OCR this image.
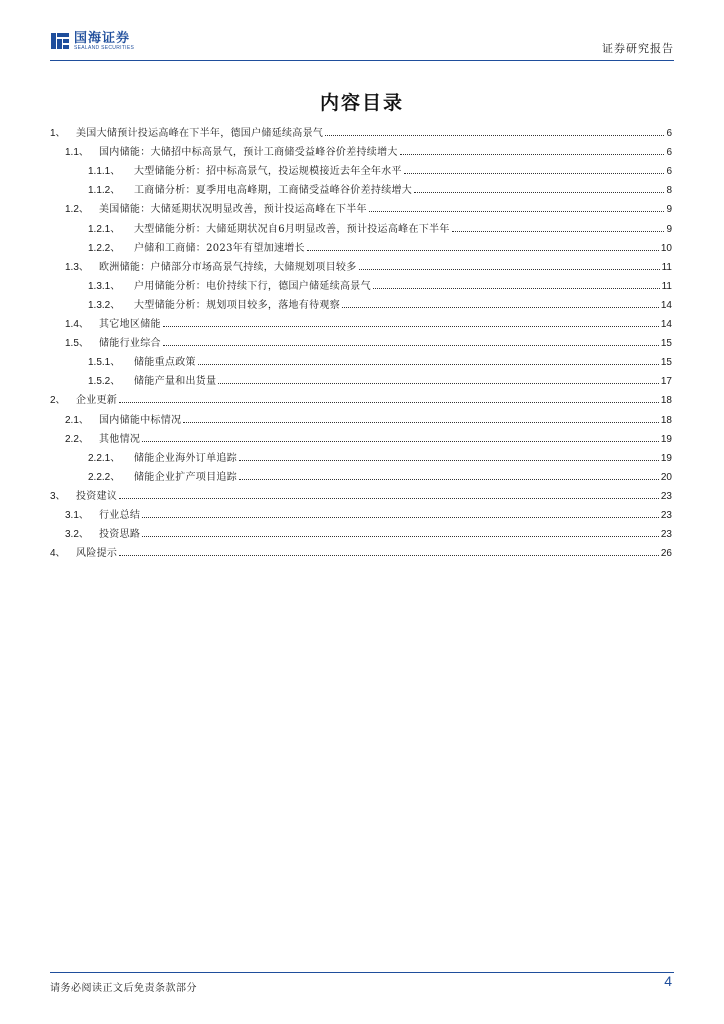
国海证券
SEALAND SECURITIES	证券研究报告
内容目录
1、	美国大储预计投运高峰在下半年，德国户储延续高景气	6
1.1、	国内储能：大储招中标高景气，预计工商储受益峰谷价差持续增大	6
1.1.1、	大型储能分析：招中标高景气，投运规模接近去年全年水平	6
1.1.2、	工商储分析：夏季用电高峰期，工商储受益峰谷价差持续增大	8
1.2、	美国储能：大储延期状况明显改善，预计投运高峰在下半年	9
1.2.1、	大型储能分析：大储延期状况自6月明显改善，预计投运高峰在下半年	9
1.2.2、	户储和工商储：2023年有望加速增长	10
1.3、	欧洲储能：户储部分市场高景气持续，大储规划项目较多	11
1.3.1、	户用储能分析：电价持续下行，德国户储延续高景气	11
1.3.2、	大型储能分析：规划项目较多，落地有待观察	14
1.4、	其它地区储能	14
1.5、	储能行业综合	15
1.5.1、	储能重点政策	15
1.5.2、	储能产量和出货量	17
2、	企业更新	18
2.1、	国内储能中标情况	18
2.2、	其他情况	19
2.2.1、	储能企业海外订单追踪	19
2.2.2、	储能企业扩产项目追踪	20
3、	投资建议	23
3.1、	行业总结	23
3.2、	投资思路	23
4、	风险提示	26
请务必阅读正文后免责条款部分	4
